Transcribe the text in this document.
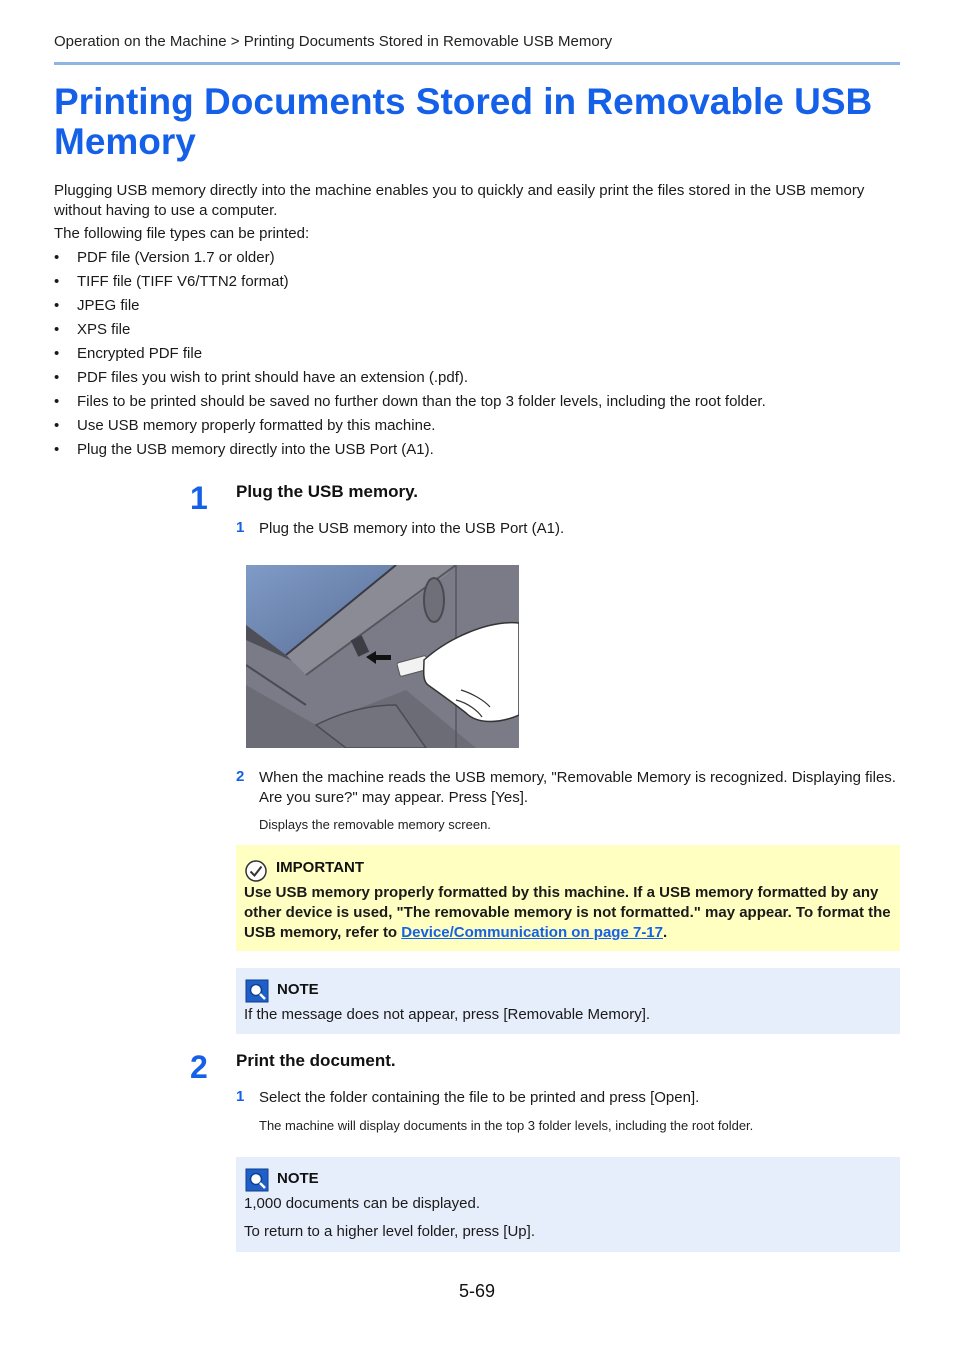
Operation on the Machine > Printing Documents Stored in Removable USB Memory
Printing Documents Stored in Removable USB Memory
Plugging USB memory directly into the machine enables you to quickly and easily print the files stored in the USB memory without having to use a computer.
The following file types can be printed:
• PDF file (Version 1.7 or older)
• TIFF file (TIFF V6/TTN2 format)
• JPEG file
• XPS file
• Encrypted PDF file
• PDF files you wish to print should have an extension (.pdf).
• Files to be printed should be saved no further down than the top 3 folder levels, including the root folder.
• Use USB memory properly formatted by this machine.
• Plug the USB memory directly into the USB Port (A1).
1 Plug the USB memory.
1 Plug the USB memory into the USB Port (A1).
2 When the machine reads the USB memory, "Removable Memory is recognized. Displaying files. Are you sure?" may appear. Press [Yes].
Displays the removable memory screen.
IMPORTANT
Use USB memory properly formatted by this machine. If a USB memory formatted by any other device is used, "The removable memory is not formatted." may appear. To format the USB memory, refer to Device/Communication on page 7-17.
NOTE
If the message does not appear, press [Removable Memory].
2 Print the document.
1 Select the folder containing the file to be printed and press [Open].
The machine will display documents in the top 3 folder levels, including the root folder.
NOTE
1,000 documents can be displayed.
To return to a higher level folder, press [Up].
5-69
